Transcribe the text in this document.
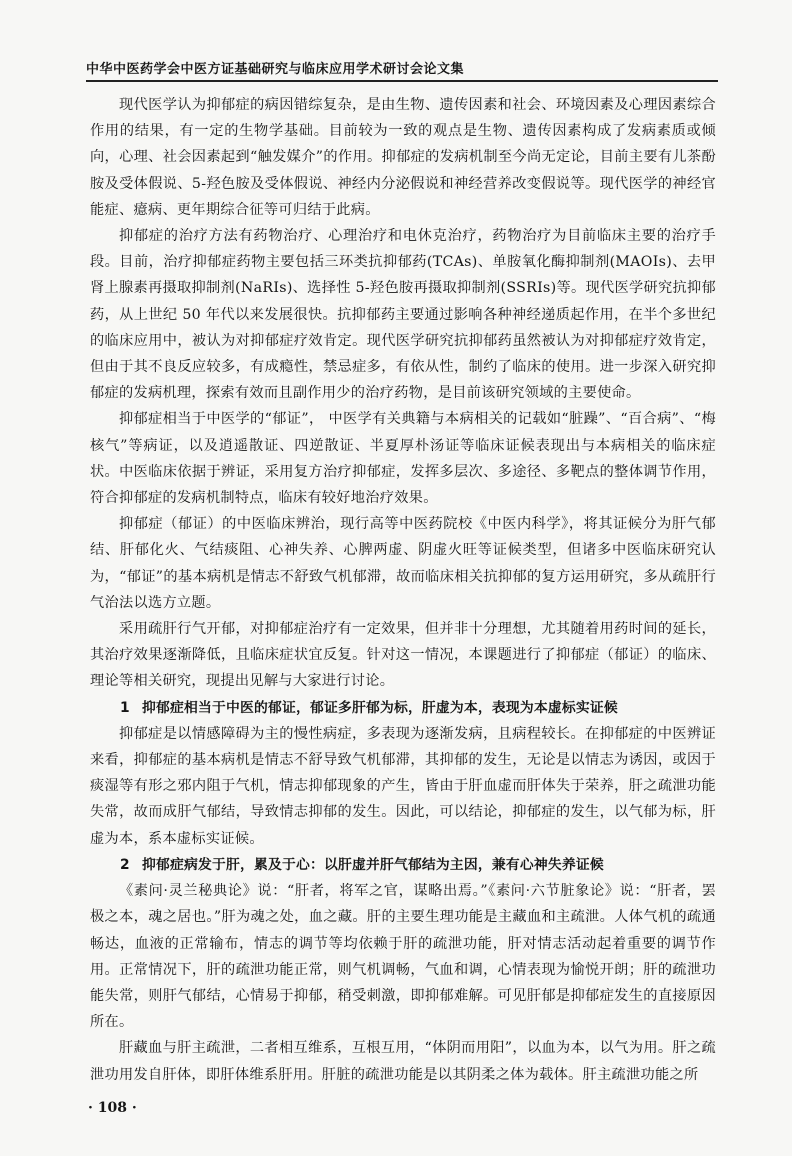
中华中医药学会中医方证基础研究与临床应用学术研讨会论文集

现代医学认为抑郁症的病因错综复杂，是由生物、遗传因素和社会、环境因素及心理因素综合作用的结果，有一定的生物学基础。目前较为一致的观点是生物、遗传因素构成了发病素质或倾向，心理、社会因素起到“触发媒介”的作用。抑郁症的发病机制至今尚无定论，目前主要有儿茶酚胺及受体假说、5-羟色胺及受体假说、神经内分泌假说和神经营养改变假说等。现代医学的神经官能症、癔病、更年期综合征等可归结于此病。

抑郁症的治疗方法有药物治疗、心理治疗和电休克治疗，药物治疗为目前临床主要的治疗手段。目前，治疗抑郁症药物主要包括三环类抗抑郁药(TCAs)、单胺氧化酶抑制剂(MAOIs)、去甲肾上腺素再摄取抑制剂(NaRIs)、选择性 5-羟色胺再摄取抑制剂(SSRIs)等。现代医学研究抗抑郁药，从上世纪 50 年代以来发展很快。抗抑郁药主要通过影响各种神经递质起作用，在半个多世纪的临床应用中，被认为对抑郁症疗效肯定。现代医学研究抗抑郁药虽然被认为对抑郁症疗效肯定，但由于其不良反应较多，有成瘾性，禁忌症多，有依从性，制约了临床的使用。进一步深入研究抑郁症的发病机理，探索有效而且副作用少的治疗药物，是目前该研究领域的主要使命。

抑郁症相当于中医学的“郁证”， 中医学有关典籍与本病相关的记载如“脏躁”、“百合病”、“梅核气”等病证，以及逍遥散证、四逆散证、半夏厚朴汤证等临床证候表现出与本病相关的临床症状。中医临床依据于辨证，采用复方治疗抑郁症，发挥多层次、多途径、多靶点的整体调节作用，符合抑郁症的发病机制特点，临床有较好地治疗效果。

抑郁症（郁证）的中医临床辨治，现行高等中医药院校《中医内科学》，将其证候分为肝气郁结、肝郁化火、气结痰阻、心神失养、心脾两虚、阴虚火旺等证候类型，但诸多中医临床研究认为，“郁证”的基本病机是情志不舒致气机郁滞，故而临床相关抗抑郁的复方运用研究，多从疏肝行气治法以选方立题。

采用疏肝行气开郁，对抑郁症治疗有一定效果，但并非十分理想，尤其随着用药时间的延长，其治疗效果逐渐降低，且临床症状宜反复。针对这一情况，本课题进行了抑郁症（郁证）的临床、理论等相关研究，现提出见解与大家进行讨论。

1 抑郁症相当于中医的郁证，郁证多肝郁为标，肝虚为本，表现为本虚标实证候

抑郁症是以情感障碍为主的慢性病症，多表现为逐渐发病，且病程较长。在抑郁症的中医辨证来看，抑郁症的基本病机是情志不舒导致气机郁滞，其抑郁的发生，无论是以情志为诱因，或因于痰湿等有形之邪内阻于气机，情志抑郁现象的产生，皆由于肝血虚而肝体失于荣养，肝之疏泄功能失常，故而成肝气郁结，导致情志抑郁的发生。因此，可以结论，抑郁症的发生，以气郁为标，肝虚为本，系本虚标实证候。

2 抑郁症病发于肝，累及于心：以肝虚并肝气郁结为主因，兼有心神失养证候

《素问·灵兰秘典论》说：“肝者，将军之官，谋略出焉。”《素问·六节脏象论》说：“肝者，罢极之本，魂之居也。”肝为魂之处，血之藏。肝的主要生理功能是主藏血和主疏泄。人体气机的疏通畅达，血液的正常输布，情志的调节等均依赖于肝的疏泄功能，肝对情志活动起着重要的调节作用。正常情况下，肝的疏泄功能正常，则气机调畅，气血和调，心情表现为愉悦开朗；肝的疏泄功能失常，则肝气郁结，心情易于抑郁，稍受刺激，即抑郁难解。可见肝郁是抑郁症发生的直接原因所在。

肝藏血与肝主疏泄，二者相互维系，互根互用，“体阴而用阳”，以血为本，以气为用。肝之疏泄功用发自肝体，即肝体维系肝用。肝脏的疏泄功能是以其阴柔之体为载体。肝主疏泄功能之所

· 108 ·
